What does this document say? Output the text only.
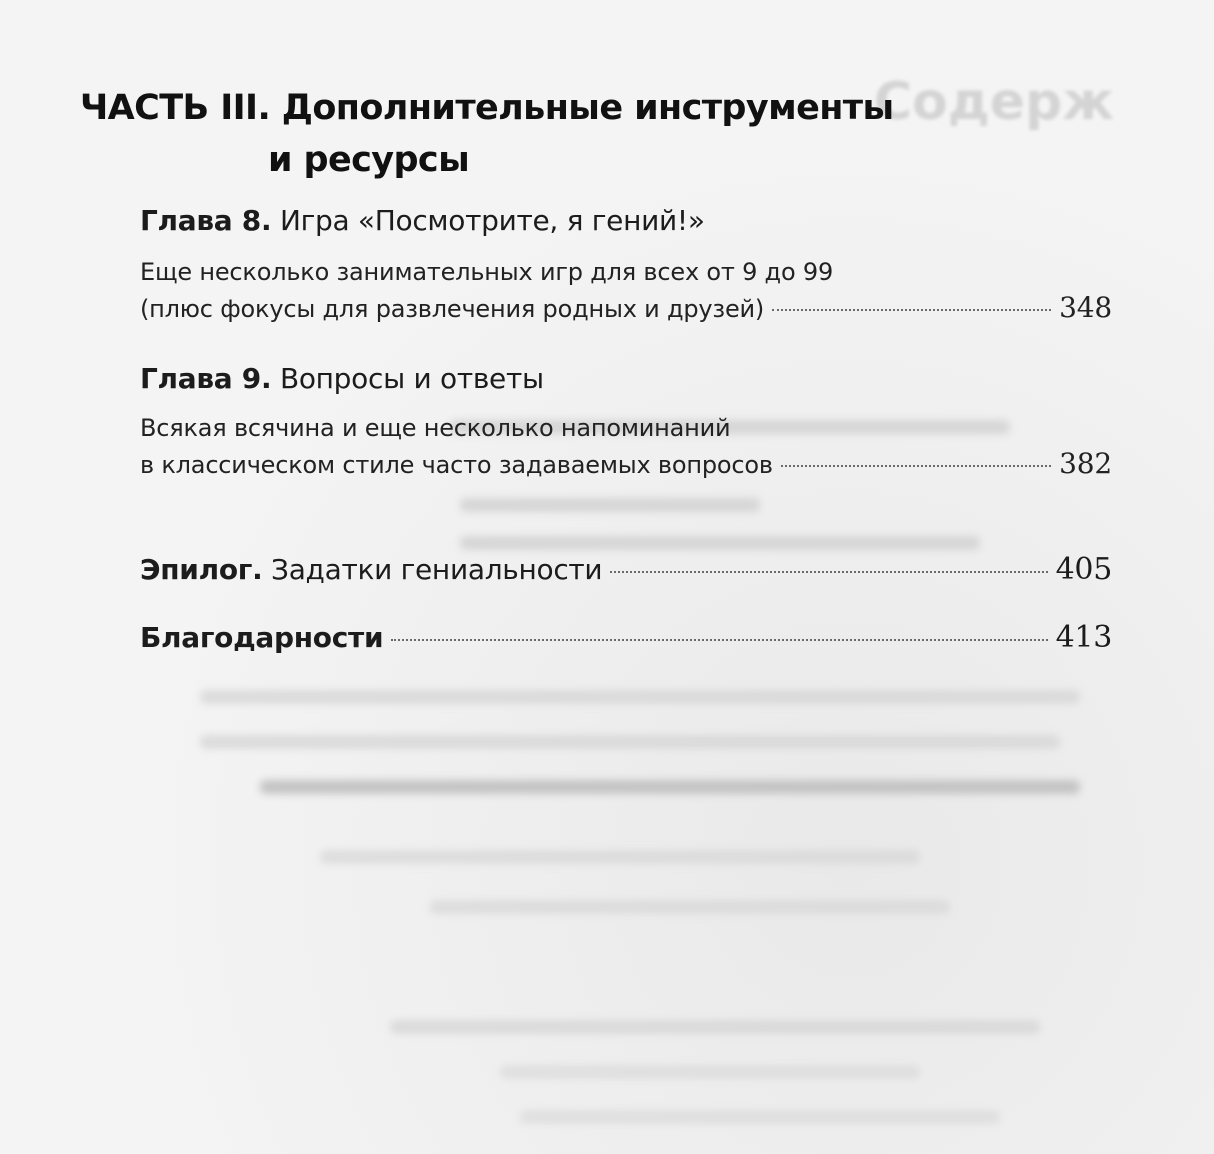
Содерж
ЧАСТЬ III. Дополнительные инструменты
и ресурсы
Глава 8. Игра «Посмотрите, я гений!»
Еще несколько занимательных игр для всех от 9 до 99
(плюс фокусы для развлечения родных и друзей)	348
Глава 9. Вопросы и ответы
Всякая всячина и еще несколько напоминаний
в классическом стиле часто задаваемых вопросов	382
Эпилог. Задатки гениальности	405
Благодарности	413
